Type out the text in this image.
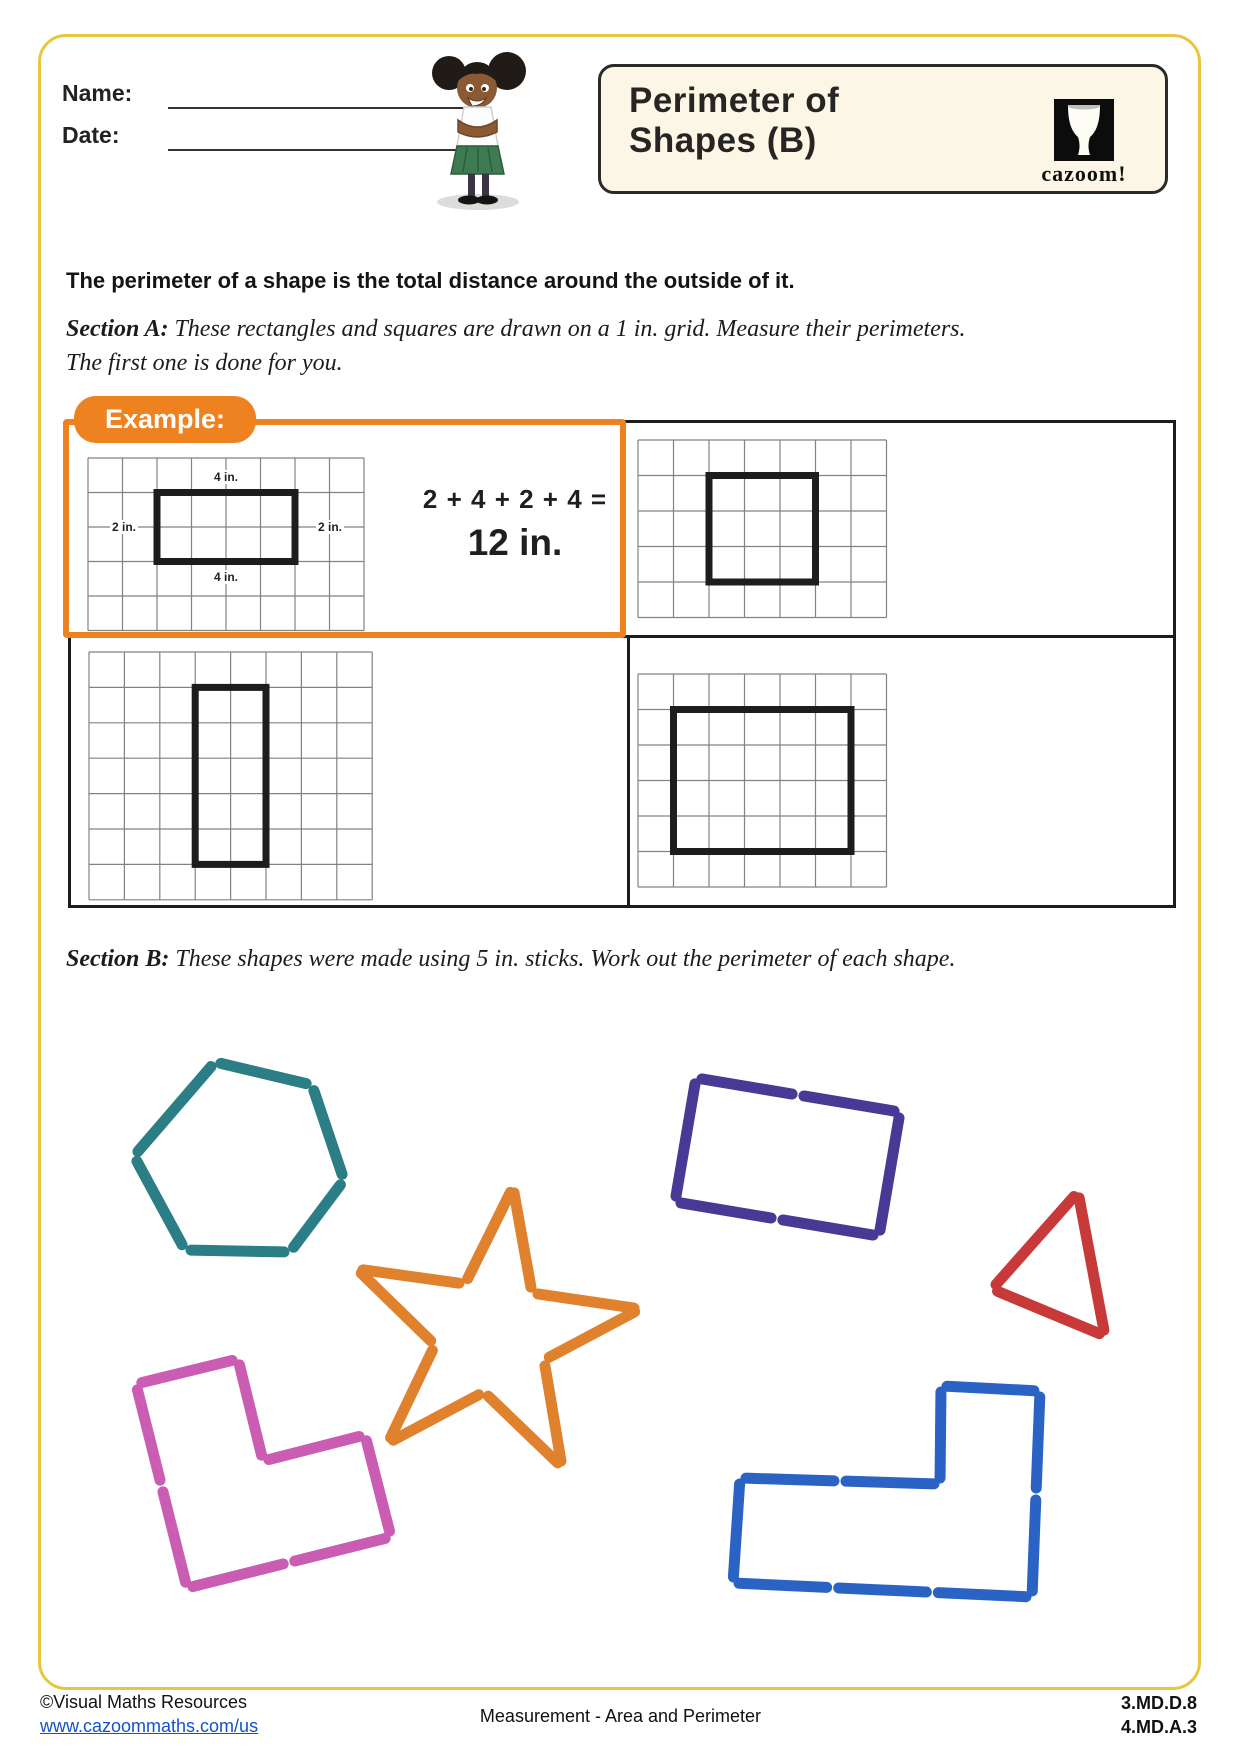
Name:
Date:
Perimeter of
Shapes (B)
cazoom!
The perimeter of a shape is the total distance around the outside of it.
Section A: These rectangles and squares are drawn on a 1 in. grid. Measure their perimeters.
The first one is done for you.
Example:
4 in.
2 in.	2 in.
4 in.
2 + 4 + 2 + 4 =
12 in.
Section B: These shapes were made using 5 in. sticks. Work out the perimeter of each shape.
©Visual Maths Resources
www.cazoommaths.com/us	Measurement - Area and Perimeter
3.MD.D.8
4.MD.A.3
